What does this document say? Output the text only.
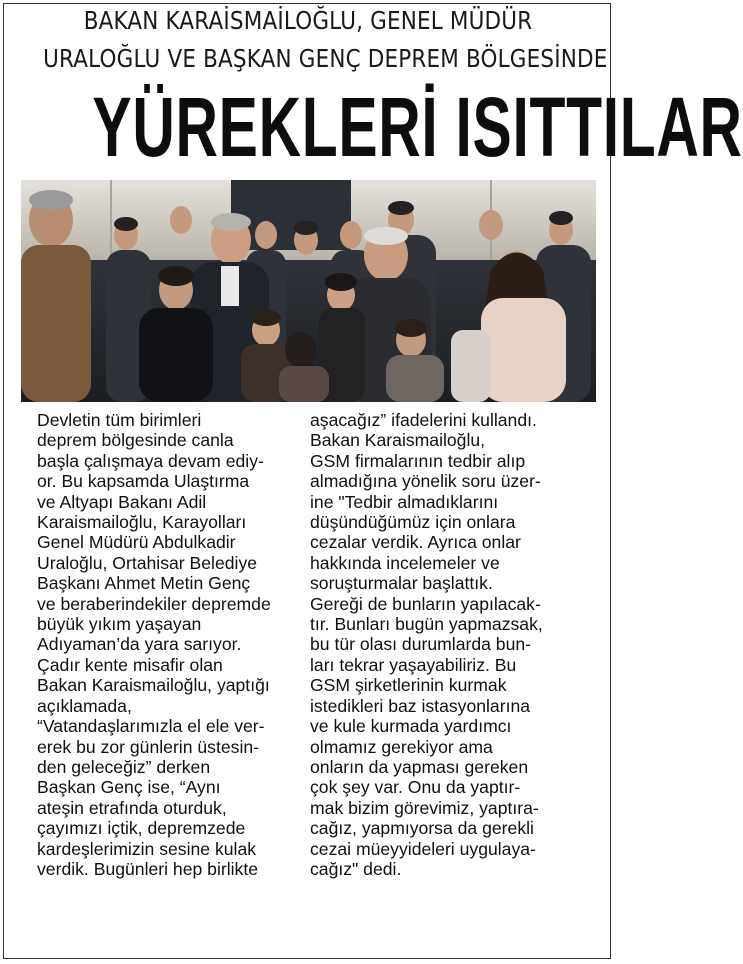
BAKAN KARAİSMAİLOĞLU, GENEL MÜDÜR
URALOĞLU VE BAŞKAN GENÇ DEPREM BÖLGESİNDE
YÜREKLERİ ISITTILAR

Devletin tüm birimleri
deprem bölgesinde canla
başla çalışmaya devam ediy-
or. Bu kapsamda Ulaştırma
ve Altyapı Bakanı Adil
Karaismailoğlu, Karayolları
Genel Müdürü Abdulkadir
Uraloğlu, Ortahisar Belediye
Başkanı Ahmet Metin Genç
ve beraberindekiler depremde
büyük yıkım yaşayan
Adıyaman’da yara sarıyor.
Çadır kente misafir olan
Bakan Karaismailoğlu, yaptığı
açıklamada,
“Vatandaşlarımızla el ele ver-
erek bu zor günlerin üstesin-
den geleceğiz” derken
Başkan Genç ise, “Aynı
ateşin etrafında oturduk,
çayımızı içtik, depremzede
kardeşlerimizin sesine kulak
verdik. Bugünleri hep birlikte

aşacağız” ifadelerini kullandı.
Bakan Karaismailoğlu,
GSM firmalarının tedbir alıp
almadığına yönelik soru üzer-
ine "Tedbir almadıklarını
düşündüğümüz için onlara
cezalar verdik. Ayrıca onlar
hakkında incelemeler ve
soruşturmalar başlattık.
Gereği de bunların yapılacak-
tır. Bunları bugün yapmazsak,
bu tür olası durumlarda bun-
ları tekrar yaşayabiliriz. Bu
GSM şirketlerinin kurmak
istedikleri baz istasyonlarına
ve kule kurmada yardımcı
olmamız gerekiyor ama
onların da yapması gereken
çok şey var. Onu da yaptır-
mak bizim görevimiz, yaptıra-
cağız, yapmıyorsa da gerekli
cezai müeyyideleri uygulaya-
cağız" dedi.
